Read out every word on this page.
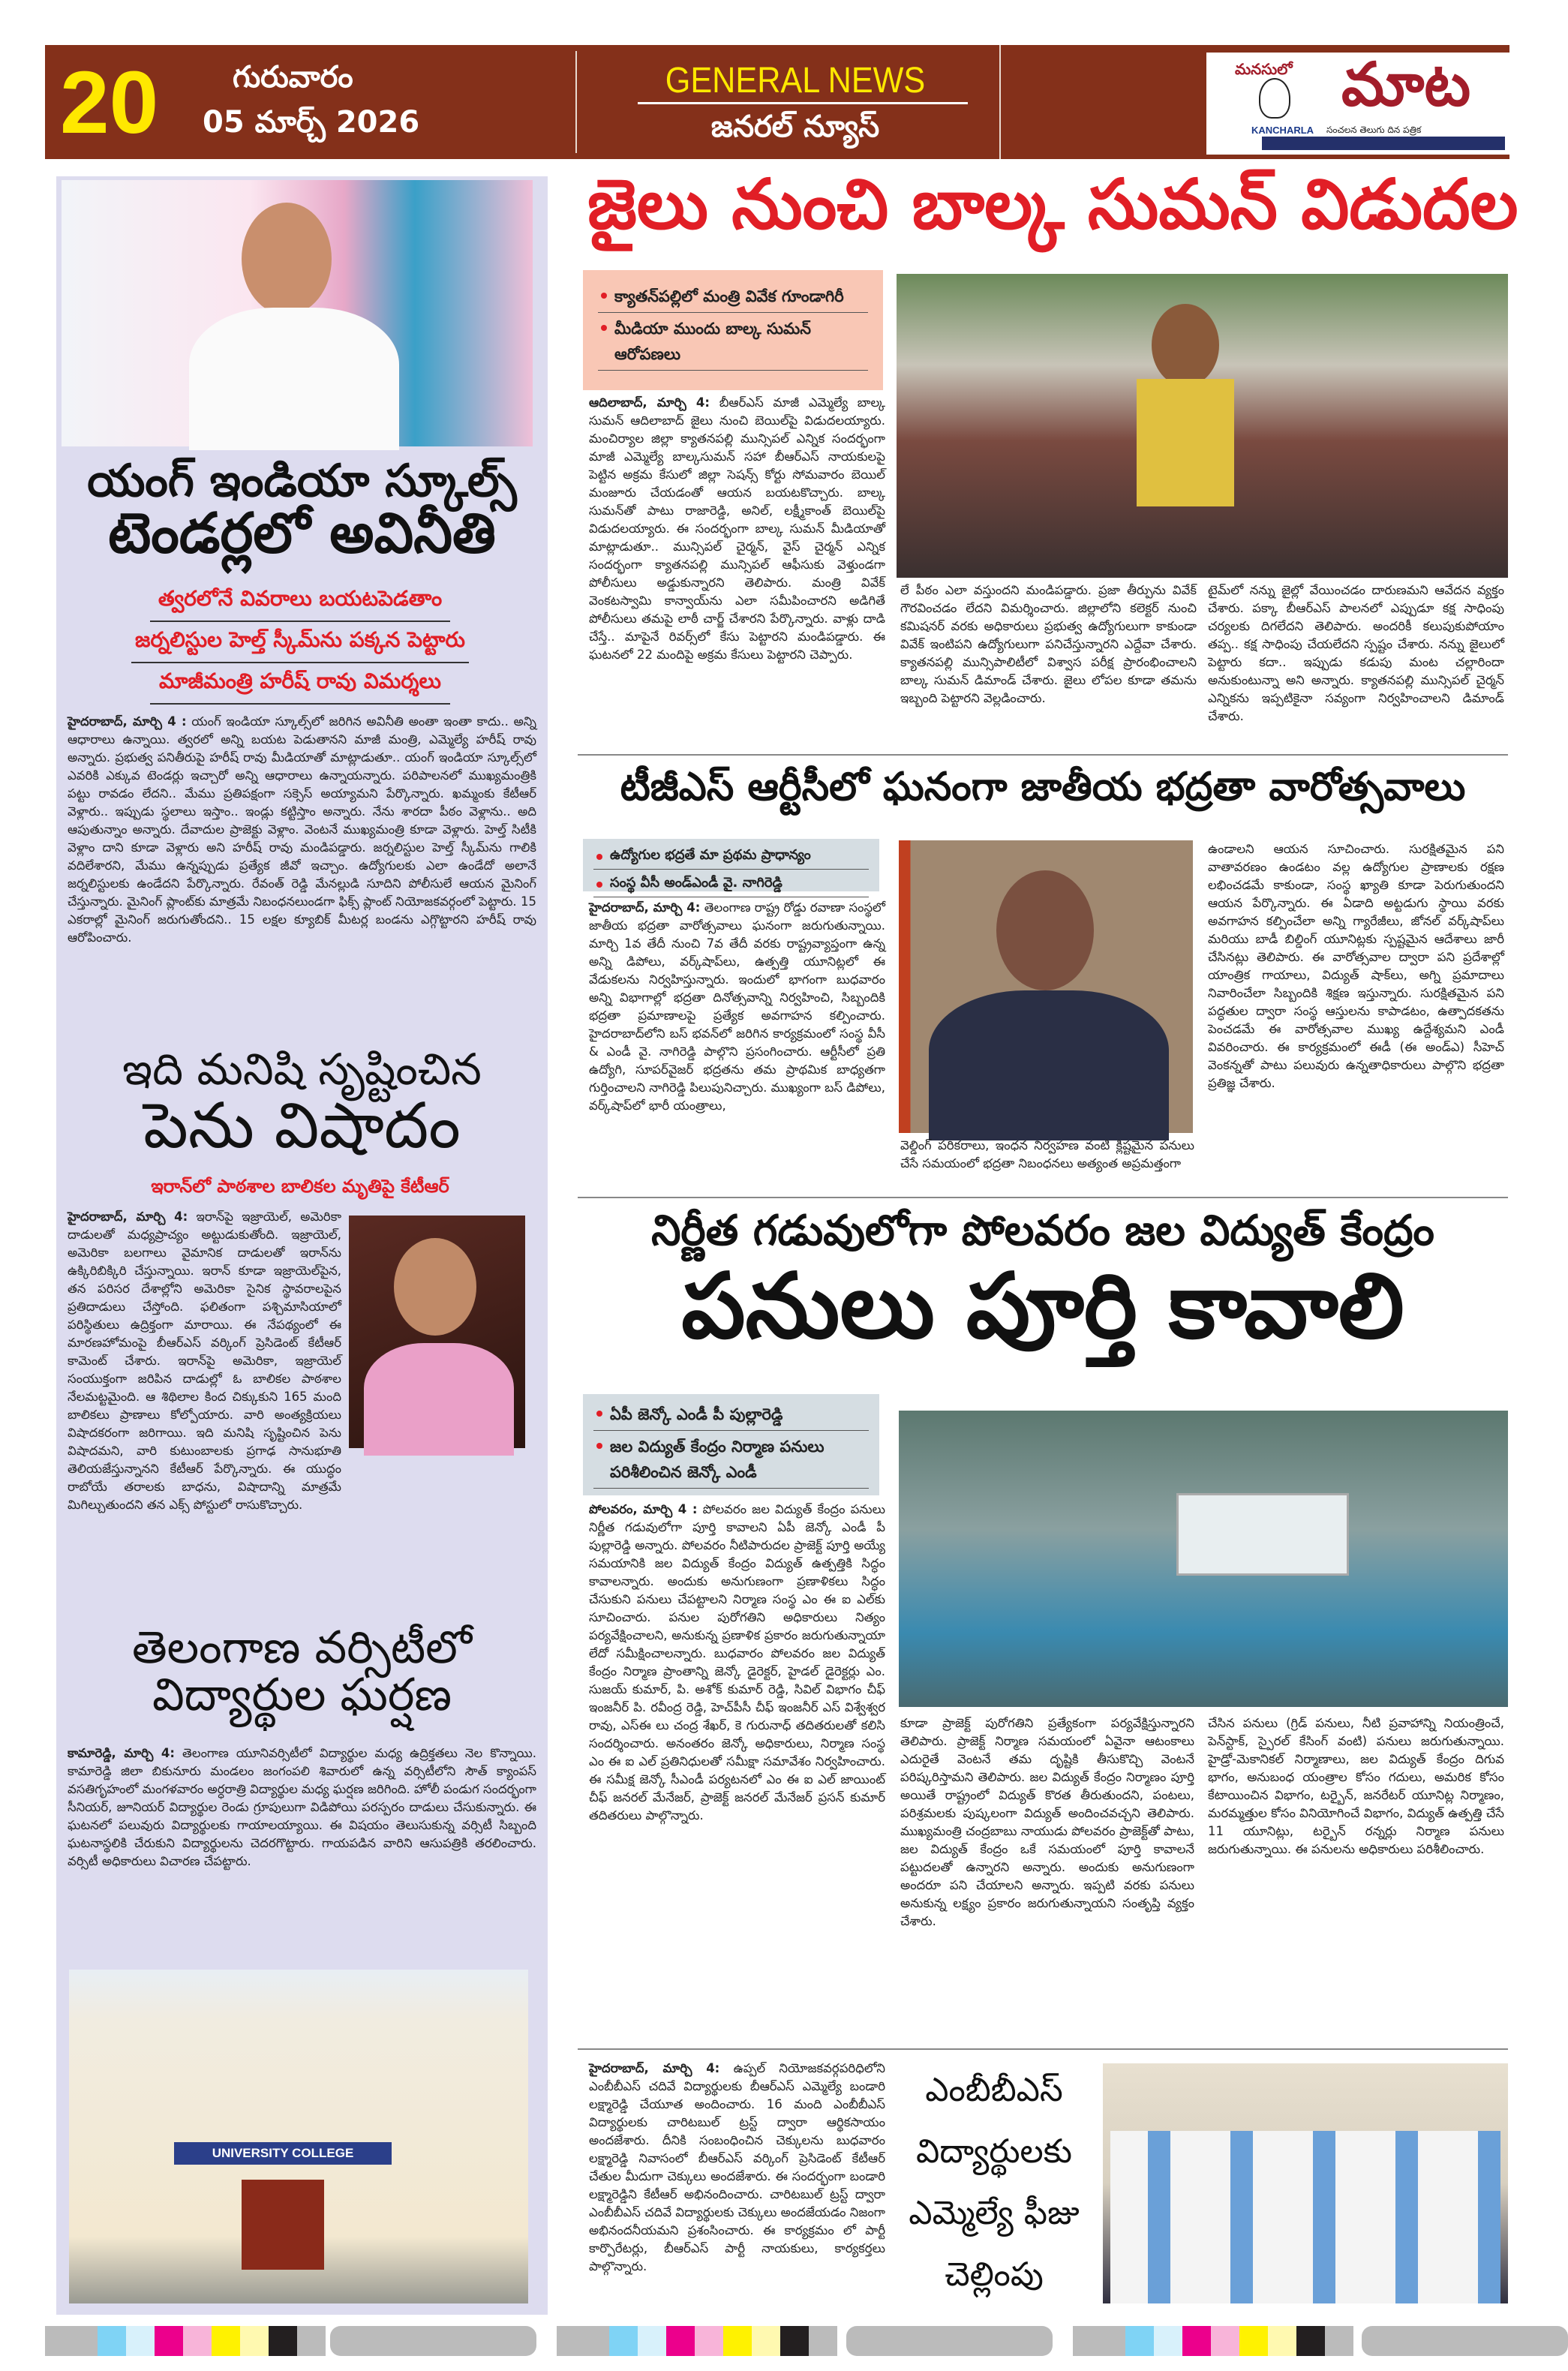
20 గురువారం
05 మార్చ్ 2026
GENERAL NEWS
జనరల్ న్యూస్
మనసులో మాట
KANCHARLA సంచలన తెలుగు దిన పత్రిక
యంగ్ ఇండియా స్కూల్స్
టెండర్లలో అవినీతి
త్వరలోనే వివరాలు బయటపెడతాం
జర్నలిస్టుల హెల్త్ స్కీమ్‌ను పక్కన పెట్టారు
మాజీమంత్రి హరీష్ రావు విమర్శలు
హైదరాబాద్, మార్చి 4 : యంగ్ ఇండియా స్కూల్స్‌లో జరిగిన అవినీతి అంతా ఇంతా కాదు.. అన్ని ఆధారాలు ఉన్నాయి. త్వరలో అన్ని బయట పెడుతానని మాజీ మంత్రి, ఎమ్మెల్యే హరీష్ రావు అన్నారు. ప్రభుత్వ పనితీరుపై హరీష్ రావు మీడియాతో మాట్లాడుతూ.. యంగ్ ఇండియా స్కూల్స్‌లో ఎవరికి ఎక్కువ టెండర్లు ఇచ్చారో అన్ని ఆధారాలు ఉన్నాయన్నారు. పరిపాలనలో ముఖ్యమంత్రికి పట్టు రావడం లేదని.. మేము ప్రతిపక్షంగా సక్సెస్ అయ్యామని పేర్కొన్నారు. ఖమ్మంకు కేటీఆర్ వెళ్లారు.. ఇప్పుడు స్థలాలు ఇస్తాం.. ఇండ్లు కట్టిస్తాం అన్నారు. నేను శారదా పీఠం వెళ్లాను.. అది ఆపుతున్నాం అన్నారు. దేవాదుల ప్రాజెక్టు వెళ్లాం. వెంటనే ముఖ్యమంత్రి కూడా వెళ్లారు. హెల్త్ సిటీకి వెళ్లాం దాని కూడా వెళ్లారు అని హరీష్ రావు మండిపడ్డారు. జర్నలిస్టుల హెల్త్ స్కీమ్‌ను గాలికి వదిలేశారని, మేము ఉన్నప్పుడు ప్రత్యేక జీవో ఇచ్చాం. ఉద్యోగులకు ఎలా ఉండేదో అలానే జర్నలిస్టులకు ఉండేదని పేర్కొన్నారు. రేవంత్ రెడ్డి మేనల్లుడి సూదిని పోలీసులే ఆయన మైనింగ్ చేస్తున్నారు. మైనింగ్ ప్లాంట్‌కు మాత్రమే నిబంధనలుండగా ఫిక్స్ ప్లాంట్ నియోజకవర్గంలో పెట్టారు. 15 ఎకరాల్లో మైనింగ్ జరుగుతోందని.. 15 లక్షల క్యూబిక్ మీటర్ల బండను ఎగ్గొట్టారని హరీష్ రావు ఆరోపించారు.
ఇది మనిషి సృష్టించిన
పెను విషాదం
ఇరాన్‌లో పాఠశాల బాలికల మృతిపై కేటీఆర్
హైదరాబాద్, మార్చి 4: ఇరాన్‌పై ఇజ్రాయెల్, అమెరికా దాడులతో మధ్యప్రాచ్యం అట్టుడుకుతోంది. ఇజ్రాయెల్, అమెరికా బలగాలు వైమానిక దాడులతో ఇరాన్‌ను ఉక్కిరిబిక్కిరి చేస్తున్నాయి. ఇరాన్ కూడా ఇజ్రాయెల్‌పైన, తన పరిసర దేశాల్లోని అమెరికా సైనిక స్థావరాలపైన ప్రతిదాడులు చేస్తోంది. ఫలితంగా పశ్చిమాసియాలో పరిస్థితులు ఉద్రిక్తంగా మారాయి. ఈ నేపథ్యంలో ఈ మారణహోమంపై బీఆర్‌ఎస్ వర్కింగ్ ప్రెసిడెంట్ కేటీఆర్ కామెంట్ చేశారు. ఇరాన్‌పై అమెరికా, ఇజ్రాయెల్ సంయుక్తంగా జరిపిన దాడుల్లో ఓ బాలికల పాఠశాల నేలమట్టమైంది. ఆ శిథిలాల కింద చిక్కుకుని 165 మంది బాలికలు ప్రాణాలు కోల్పోయారు. వారి అంత్యక్రియలు విషాదకరంగా జరిగాయి. ఇది మనిషి సృష్టించిన పెను విషాదమని, వారి కుటుంబాలకు ప్రగాఢ సానుభూతి తెలియజేస్తున్నానని కేటీఆర్ పేర్కొన్నారు. ఈ యుద్ధం రాబోయే తరాలకు బాధను, విషాదాన్ని మాత్రమే మిగిల్చుతుందని తన ఎక్స్ పోస్టులో రాసుకొచ్చారు.
తెలంగాణ వర్సిటీలో
విద్యార్థుల ఘర్షణ
కామారెడ్డి, మార్చి 4: తెలంగాణ యూనివర్సిటీలో విద్యార్థుల మధ్య ఉద్రిక్తతలు నెల కొన్నాయి. కామారెడ్డి జిలా బికునూరు మండలం జంగంపలి శివారులో ఉన్న వర్సిటీలోని సౌత్ క్యాంపస్ వసతిగృహంలో మంగళవారం అర్ధరాత్రి విద్యార్థుల మధ్య ఘర్షణ జరిగింది. హోలీ పండుగ సందర్భంగా సీనియర్, జూనియర్ విద్యార్థుల రెండు గ్రూపులుగా విడిపోయి పరస్పరం దాడులు చేసుకున్నారు. ఈ ఘటనలో పలువురు విద్యార్థులకు గాయాలయ్యాయి. ఈ విషయం తెలుసుకున్న వర్సిటీ సిబ్బంది ఘటనాస్థలికి చేరుకుని విద్యార్థులను చెదరగొట్టారు. గాయపడిన వారిని ఆసుపత్రికి తరలించారు. వర్సిటీ అధికారులు విచారణ చేపట్టారు.
UNIVERSITY COLLEGE
జైలు నుంచి బాల్క సుమన్ విడుదల
క్యాతన్‌పల్లిలో మంత్రి వివేక గూండాగిరీ
మీడియా ముందు బాల్క సుమన్ ఆరోపణలు
ఆదిలాబాద్, మార్చి 4: బీఆర్‌ఎస్ మాజీ ఎమ్మెల్యే బాల్క సుమన్ ఆదిలాబాద్ జైలు నుంచి బెయిల్‌పై విడుదలయ్యారు. మంచిర్యాల జిల్లా క్యాతనపల్లి మున్సిపల్ ఎన్నిక సందర్భంగా మాజీ ఎమ్మెల్యే బాల్కసుమన్ సహా బీఆర్‌ఎస్ నాయకులపై పెట్టిన అక్రమ కేసులో జిల్లా సెషన్స్ కోర్టు సోమవారం బెయిల్ మంజూరు చేయడంతో ఆయన బయటకొచ్చారు. బాల్క సుమన్‌తో పాటు రాజారెడ్డి, అనిల్, లక్ష్మీకాంత్ బెయిల్‌పై విడుదలయ్యారు. ఈ సందర్భంగా బాల్క సుమన్ మీడియాతో మాట్లాడుతూ.. మున్సిపల్ చైర్మన్, వైస్ చైర్మన్ ఎన్నిక సందర్భంగా క్యాతనపల్లి మున్సిపల్ ఆఫీసుకు వెళ్తుండగా పోలీసులు అడ్డుకున్నారని తెలిపారు. మంత్రి వివేక్ వెంకటస్వామి కాన్వాయ్‌ను ఎలా సమీపించారని అడిగితే పోలీసులు తమపై లాఠీ చార్జ్ చేశారని పేర్కొన్నారు. వాళ్లు దాడి చేస్తే.. మాపైనే రివర్స్‌లో కేసు పెట్టారని మండిపడ్డారు. ఈ ఘటనలో 22 మందిపై అక్రమ కేసులు పెట్టారని చెప్పారు.
లే పీఠం ఎలా వస్తుందని మండిపడ్డారు. ప్రజా తీర్పును వివేక్ గౌరవించడం లేదని విమర్శించారు. జిల్లాలోని కలెక్టర్ నుంచి కమిషనర్ వరకు అధికారులు ప్రభుత్వ ఉద్యోగులుగా కాకుండా వివేక్ ఇంటిపని ఉద్యోగులుగా పనిచేస్తున్నారని ఎద్దేవా చేశారు. క్యాతనపల్లి మున్సిపాలిటీలో విశ్వాస పరీక్ష ప్రారంభించాలని బాల్క సుమన్ డిమాండ్ చేశారు. జైలు లోపల కూడా తమను ఇబ్బంది పెట్టారని వెల్లడించారు.
టైమ్‌లో నన్ను జైల్లో వేయించడం దారుణమని ఆవేదన వ్యక్తం చేశారు. పక్కా బీఆర్‌ఎస్ పాలనలో ఎప్పుడూ కక్ష సాధింపు చర్యలకు దిగలేదని తెలిపారు. అందరికీ కలుపుకుపోయాం తప్ప.. కక్ష సాధింపు చేయలేదని స్పష్టం చేశారు. నన్ను జైలులో పెట్టారు కదా.. ఇప్పుడు కడుపు మంట చల్లారిందా అనుకుంటున్నా అని అన్నారు. క్యాతనపల్లి మున్సిపల్ చైర్మన్ ఎన్నికను ఇప్పటికైనా సవ్యంగా నిర్వహించాలని డిమాండ్ చేశారు.
టీజీఎస్ ఆర్టీసీలో ఘనంగా జాతీయ భద్రతా వారోత్సవాలు
ఉద్యోగుల భద్రతే మా ప్రథమ ప్రాధాన్యం
సంస్థ వీసీ అండ్‌ఎండీ వై. నాగిరెడ్డి
హైదరాబాద్, మార్చి 4: తెలంగాణ రాష్ట్ర రోడ్డు రవాణా సంస్థలో జాతీయ భద్రతా వారోత్సవాలు ఘనంగా జరుగుతున్నాయి. మార్చి 1వ తేదీ నుంచి 7వ తేదీ వరకు రాష్ట్రవ్యాప్తంగా ఉన్న అన్ని డిపోలు, వర్క్‌షాప్‌లు, ఉత్పత్తి యూనిట్లలో ఈ వేడుకలను నిర్వహిస్తున్నారు. ఇందులో భాగంగా బుధవారం అన్ని విభాగాల్లో భద్రతా దినోత్సవాన్ని నిర్వహించి, సిబ్బందికి భద్రతా ప్రమాణాలపై ప్రత్యేక అవగాహన కల్పించారు. హైదరాబాద్‌లోని బస్ భవన్‌లో జరిగిన కార్యక్రమంలో సంస్థ వీసీ & ఎండీ వై. నాగిరెడ్డి పాల్గొని ప్రసంగించారు. ఆర్టీసీలో ప్రతి ఉద్యోగి, సూపర్‌వైజర్ భద్రతను తమ ప్రాథమిక బాధ్యతగా గుర్తించాలని నాగిరెడ్డి పిలుపునిచ్చారు. ముఖ్యంగా బస్ డిపోలు, వర్క్‌షాప్‌లో భారీ యంత్రాలు,
వెల్డింగ్ పరికరాలు, ఇంధన నిర్వహణ వంటి క్లిష్టమైన పనులు చేసే సమయంలో భద్రతా నిబంధనలు అత్యంత అప్రమత్తంగా
ఉండాలని ఆయన సూచించారు. సురక్షితమైన పని వాతావరణం ఉండటం వల్ల ఉద్యోగుల ప్రాణాలకు రక్షణ లభించడమే కాకుండా, సంస్థ ఖ్యాతి కూడా పెరుగుతుందని ఆయన పేర్కొన్నారు. ఈ ఏడాది అట్టడుగు స్థాయి వరకు అవగాహన కల్పించేలా అన్ని గ్యారేజీలు, జోనల్ వర్క్‌షాప్‌లు మరియు బాడీ బిల్డింగ్ యూనిట్లకు స్పష్టమైన ఆదేశాలు జారీ చేసినట్లు తెలిపారు. ఈ వారోత్సవాల ద్వారా పని ప్రదేశాల్లో యాంత్రిక గాయాలు, విద్యుత్ షాక్‌లు, అగ్ని ప్రమాదాలు నివారించేలా సిబ్బందికి శిక్షణ ఇస్తున్నారు. సురక్షితమైన పని పద్ధతుల ద్వారా సంస్థ ఆస్తులను కాపాడటం, ఉత్పాదకతను పెంచడమే ఈ వారోత్సవాల ముఖ్య ఉద్దేశ్యమని ఎండీ వివరించారు. ఈ కార్యక్రమంలో ఈడీ (ఈ అండ్‌ఎ) సీహెచ్ వెంకన్నతో పాటు పలువురు ఉన్నతాధికారులు పాల్గొని భద్రతా ప్రతిజ్ఞ చేశారు.
నిర్ణీత గడువులోగా పోలవరం జల విద్యుత్ కేంద్రం
పనులు పూర్తి కావాలి
ఏపీ జెన్కో ఎండీ పీ పుల్లారెడ్డి
జల విద్యుత్ కేంద్రం నిర్మాణ పనులు పరిశీలించిన జెన్కో ఎండీ
పోలవరం, మార్చి 4 : పోలవరం జల విద్యుత్ కేంద్రం పనులు నిర్ణీత గడువులోగా పూర్తి కావాలని ఏపీ జెన్కో ఎండీ పీ పుల్లారెడ్డి అన్నారు. పోలవరం నీటిపారుదల ప్రాజెక్ట్ పూర్తి అయ్యే సమయానికి జల విద్యుత్ కేంద్రం విద్యుత్ ఉత్పత్తికి సిద్ధం కావాలన్నారు. అందుకు అనుగుణంగా ప్రణాళికలు సిద్ధం చేసుకుని పనులు చేపట్టాలని నిర్మాణ సంస్థ ఎం ఈ ఐ ఎల్‌కు సూచించారు. పనుల పురోగతిని అధికారులు నిత్యం పర్యవేక్షించాలని, అనుకున్న ప్రణాళిక ప్రకారం జరుగుతున్నాయా లేదో సమీక్షించాలన్నారు. బుధవారం పోలవరం జల విద్యుత్ కేంద్రం నిర్మాణ ప్రాంతాన్ని జెన్కో డైరెక్టర్, హైడల్ డైరెక్టర్లు ఎం. సుజయ్ కుమార్, పి. అశోక్ కుమార్ రెడ్డి, సివిల్ విభాగం చీఫ్ ఇంజనీర్ పి. రవీంద్ర రెడ్డి, హెచ్‌పీసీ చీఫ్ ఇంజనీర్ ఎస్ విశ్వేశ్వర రావు, ఎస్‌ఈ లు చంద్ర శేఖర్, కె గురునాధ్ తదితరులతో కలిసి సందర్శించారు. అనంతరం జెన్కో అధికారులు, నిర్మాణ సంస్థ ఎం ఈ ఐ ఎల్ ప్రతినిధులతో సమీక్షా సమావేశం నిర్వహించారు. ఈ సమీక్ష జెన్కో సీఎండీ పర్యటనలో ఎం ఈ ఐ ఎల్ జాయింట్ చీఫ్ జనరల్ మేనేజర్, ప్రాజెక్ట్ జనరల్ మేనేజర్ ప్రసన్ కుమార్ తదితరులు పాల్గొన్నారు.
కూడా ప్రాజెక్ట్ పురోగతిని ప్రత్యేకంగా పర్యవేక్షిస్తున్నారని తెలిపారు. ప్రాజెక్ట్ నిర్మాణ సమయంలో ఏవైనా ఆటంకాలు ఎదురైతే వెంటనే తమ దృష్టికి తీసుకొచ్చి వెంటనే పరిష్కరిస్తామని తెలిపారు. జల విద్యుత్ కేంద్రం నిర్మాణం పూర్తి అయితే రాష్ట్రంలో విద్యుత్ కొరత తీరుతుందని, పంటలు, పరిశ్రమలకు పుష్కలంగా విద్యుత్ అందించవచ్చని తెలిపారు. ముఖ్యమంత్రి చంద్రబాబు నాయుడు పోలవరం ప్రాజెక్ట్‌తో పాటు, జల విద్యుత్ కేంద్రం ఒకే సమయంలో పూర్తి కావాలనే పట్టుదలతో ఉన్నారని అన్నారు. అందుకు అనుగుణంగా అందరూ పని చేయాలని అన్నారు. ఇప్పటి వరకు పనులు అనుకున్న లక్ష్యం ప్రకారం జరుగుతున్నాయని సంతృప్తి వ్యక్తం చేశారు.
చేసిన పనులు (గ్రిడ్ పనులు, నీటి ప్రవాహాన్ని నియంత్రించే, పెన్‌స్టాక్, స్పైరల్ కేసింగ్ వంటి) పనులు జరుగుతున్నాయి. హైడ్రో-మెకానికల్ నిర్మాణాలు, జల విద్యుత్ కేంద్రం దిగువ భాగం, అనుబంధ యంత్రాల కోసం గదులు, అమరిక కోసం కేటాయించిన విభాగం, టర్బైన్, జనరేటర్ యూనిట్ల నిర్మాణం, మరమ్మత్తుల కోసం వినియోగించే విభాగం, విద్యుత్ ఉత్పత్తి చేసే 11 యూనిట్లు, టర్బైన్ రన్నర్లు నిర్మాణ పనులు జరుగుతున్నాయి. ఈ పనులను అధికారులు పరిశీలించారు.
హైదరాబాద్, మార్చి 4: ఉప్పల్ నియోజకవర్గపరిధిలోని ఎంబీబీఎస్ చదివే విద్యార్థులకు బీఆర్‌ఎస్ ఎమ్మెల్యే బండారి లక్ష్మారెడ్డి చేయూత అందించారు. 16 మంది ఎంబీబీఎస్ విద్యార్థులకు చారిటబుల్ ట్రస్ట్ ద్వారా ఆర్థికసాయం అందజేశారు. దీనికి సంబంధించిన చెక్కులను బుధవారం లక్ష్మారెడ్డి నివాసంలో బీఆర్‌ఎస్ వర్కింగ్ ప్రెసిడెంట్ కేటీఆర్ చేతుల మీదుగా చెక్కులు అందజేశారు. ఈ సందర్భంగా బండారి లక్ష్మారెడ్డిని కేటీఆర్ అభినందించారు. చారిటబుల్ ట్రస్ట్ ద్వారా ఎంబీబీఎస్ చదివే విద్యార్థులకు చెక్కులు అందజేయడం నిజంగా అభినందనీయమని ప్రశంసించారు. ఈ కార్యక్రమం లో పార్టీ కార్పొరేటర్లు, బీఆర్‌ఎస్ పార్టీ నాయకులు, కార్యకర్తలు పాల్గొన్నారు.
ఎంబీబీఎస్
విద్యార్థులకు
ఎమ్మెల్యే ఫీజు
చెల్లింపు
